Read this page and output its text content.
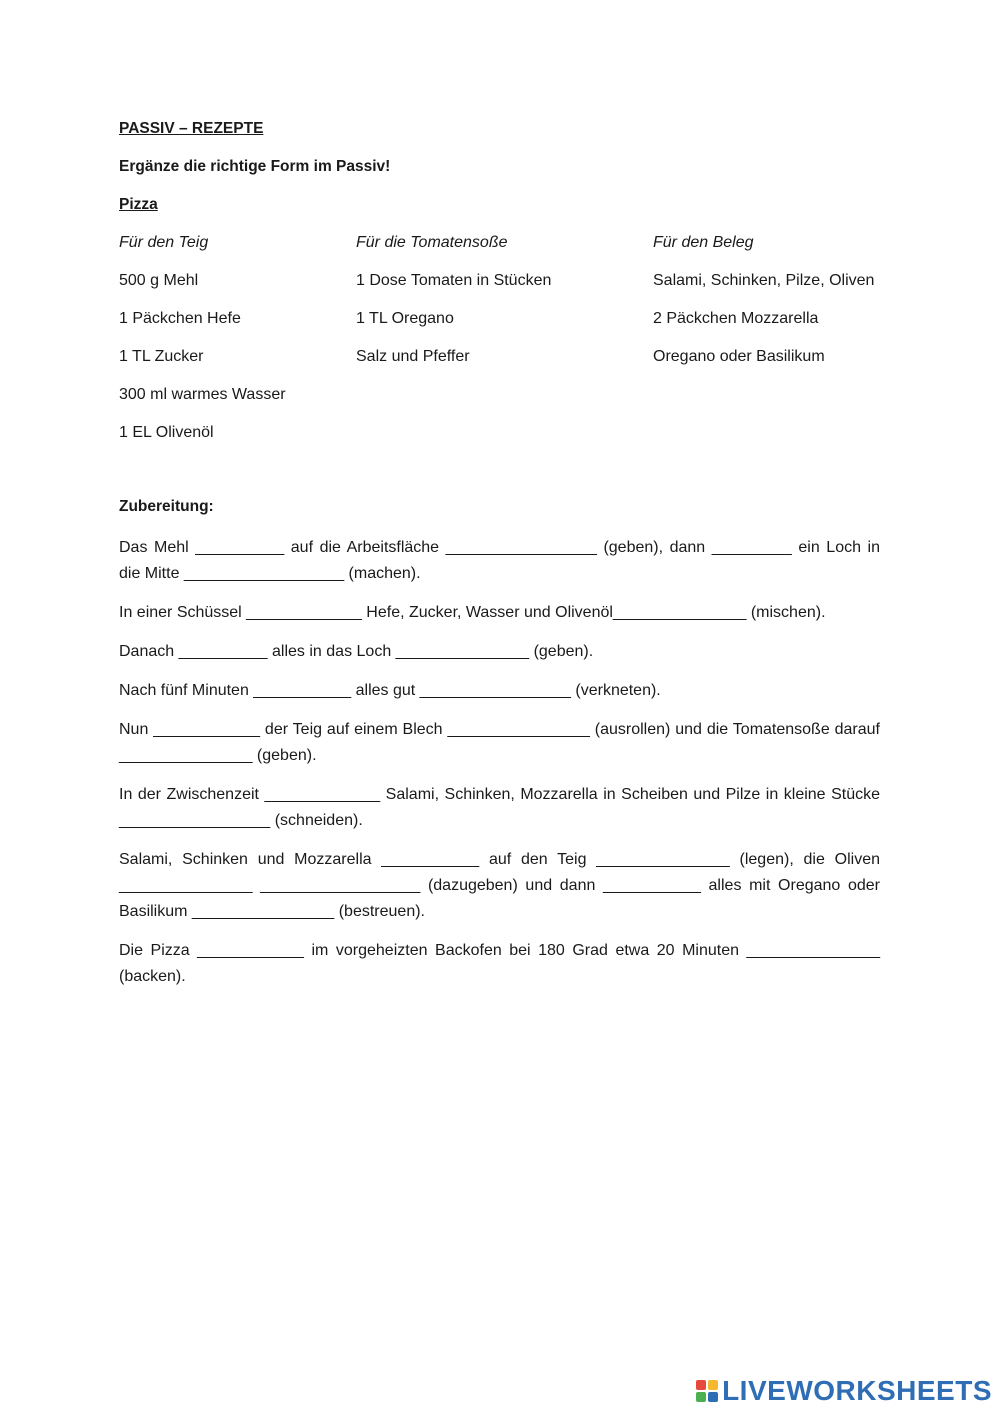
PASSIV – REZEPTE
Ergänze die richtige Form im Passiv!
Pizza
Für den Teig
500 g Mehl
1 Päckchen Hefe
1 TL Zucker
300 ml warmes Wasser
1 EL Olivenöl
Für die Tomatensoße
1 Dose Tomaten in Stücken
1 TL Oregano
Salz und Pfeffer
Für den Beleg
Salami, Schinken, Pilze, Oliven
2 Päckchen Mozzarella
Oregano oder Basilikum
Zubereitung:

Das Mehl __________ auf die Arbeitsfläche _________________ (geben), dann _________ ein Loch in die Mitte __________________ (machen).

In einer Schüssel _____________ Hefe, Zucker, Wasser und Olivenöl_______________ (mischen).

Danach __________ alles in das Loch _______________ (geben).

Nach fünf Minuten ___________ alles gut _________________ (verkneten).

Nun ____________ der Teig auf einem Blech ________________ (ausrollen) und die Tomatensoße darauf _______________ (geben).

In der Zwischenzeit _____________ Salami, Schinken, Mozzarella in Scheiben und Pilze in kleine Stücke _________________ (schneiden).

Salami, Schinken und Mozzarella ___________ auf den Teig _______________ (legen), die Oliven _______________ __________________ (dazugeben) und dann ___________ alles mit Oregano oder Basilikum ________________ (bestreuen).

Die Pizza ____________ im vorgeheizten Backofen bei 180 Grad etwa 20 Minuten _______________ (backen).

LIVEWORKSHEETS
